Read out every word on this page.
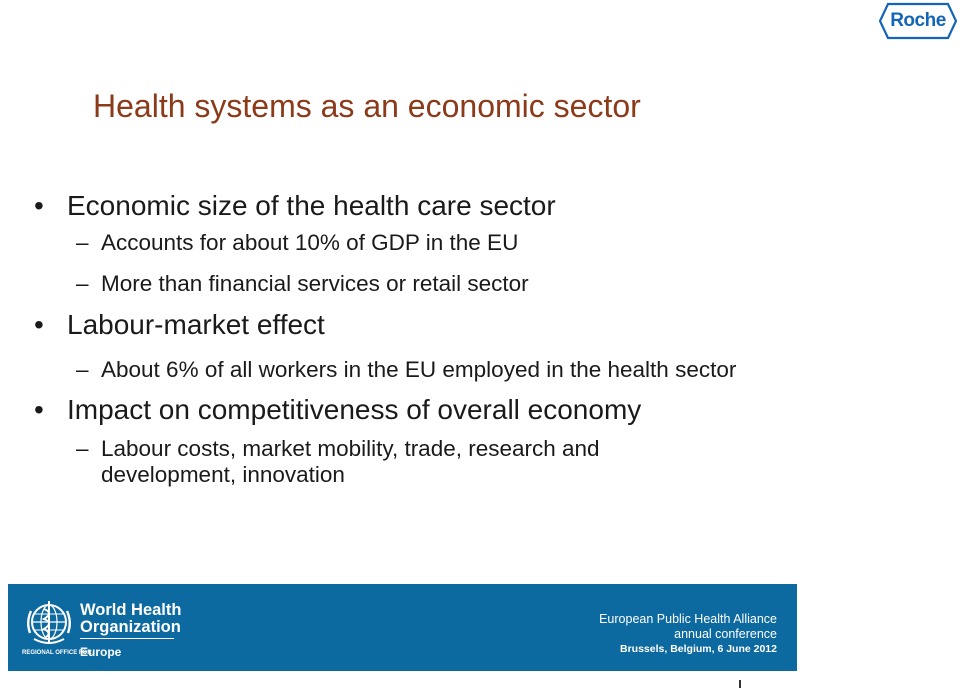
Roche
Health systems as an economic sector
• Economic size of the health care sector
– Accounts for about 10% of GDP in the EU
– More than financial services or retail sector
• Labour-market effect
– About 6% of all workers in the EU employed in the health sector
• Impact on competitiveness of overall economy
– Labour costs, market mobility, trade, research and development, innovation
World Health
Organization
REGIONAL OFFICE FOR
Europe
European Public Health Alliance
annual conference
Brussels, Belgium, 6 June 2012
